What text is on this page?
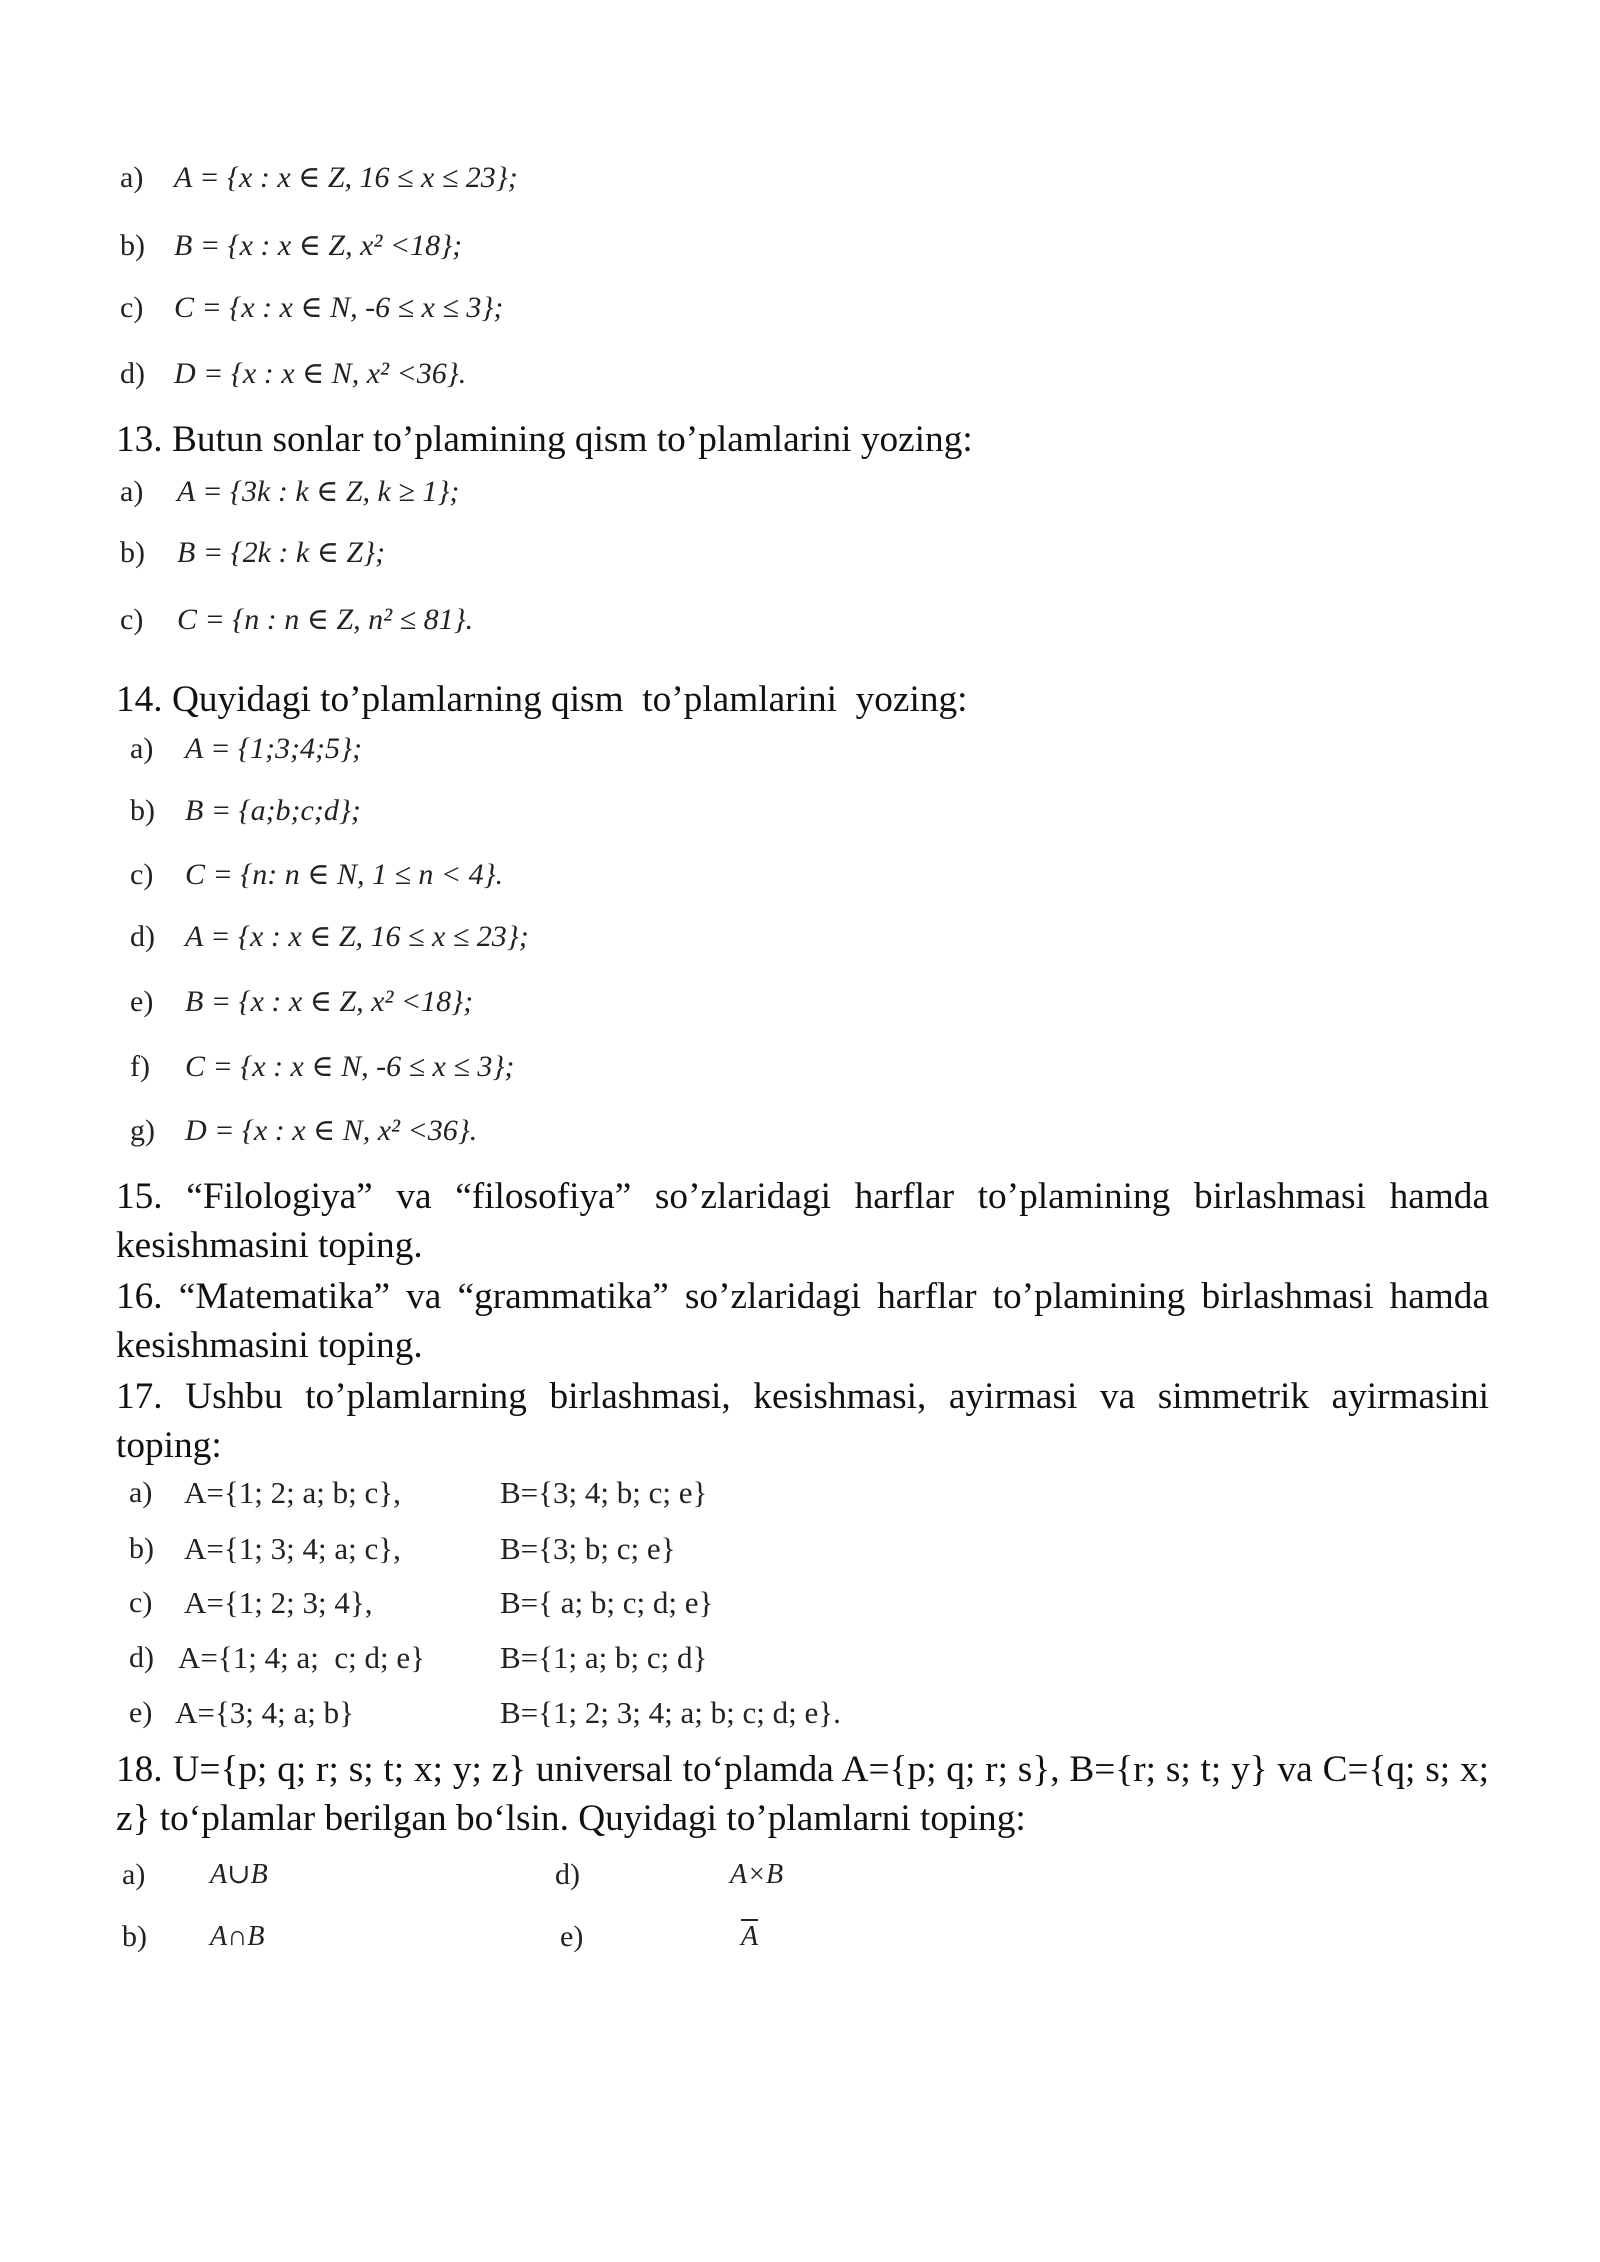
a) A = {x : x ∈ Z, 16 ≤ x ≤ 23};
b) B = {x : x ∈ Z, x² <18};
c) C = {x : x ∈ N, -6 ≤ x ≤ 3};
d) D = {x : x ∈ N, x² <36}.
13. Butun sonlar to’plamining qism to’plamlarini yozing:
a) A = {3k : k ∈ Z, k ≥ 1};
b) B = {2k : k ∈ Z};
c) C = {n : n ∈ Z, n² ≤ 81}.
14. Quyidagi to’plamlarning qism  to’plamlarini  yozing:
a) A = {1;3;4;5};
b) B = {a;b;c;d};
c) C = {n: n ∈ N, 1 ≤ n < 4}.
d) A = {x : x ∈ Z, 16 ≤ x ≤ 23};
e) B = {x : x ∈ Z, x² <18};
f) C = {x : x ∈ N, -6 ≤ x ≤ 3};
g) D = {x : x ∈ N, x² <36}.
15. “Filologiya” va “filosofiya” so’zlaridagi harflar to’plamining birlashmasi hamda kesishmasini toping.
16. “Matematika” va “grammatika” so’zlaridagi harflar to’plamining birlashmasi hamda kesishmasini toping.
17. Ushbu to’plamlarning birlashmasi, kesishmasi, ayirmasi va simmetrik ayirmasini toping:
a) A={1; 2; a; b; c},	B={3; 4; b; c; e}
b) A={1; 3; 4; a; c},	B={3; b; c; e}
c) A={1; 2; 3; 4},	B={ a; b; c; d; e}
d) A={1; 4; a;  c; d; e} B={1; a; b; c; d}
e) A={3; 4; a; b}	B={1; 2; 3; 4; a; b; c; d; e}.
18. U={p; q; r; s; t; x; y; z} universal to‘plamda A={p; q; r; s}, B={r; s; t; y} va C={q; s; x; z} to‘plamlar berilgan bo‘lsin. Quyidagi to’plamlarni toping:
a) A∪B	d)	A×B
b) A∩B	e)	$\overline{A}$
